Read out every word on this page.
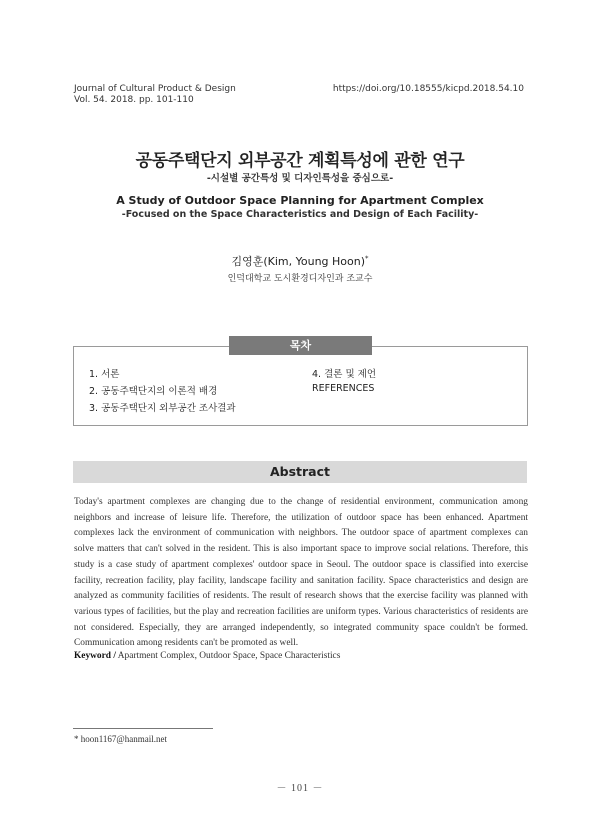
Journal of Cultural Product & Design
Vol. 54. 2018. pp. 101-110
https://doi.org/10.18555/kicpd.2018.54.10
공동주택단지 외부공간 계획특성에 관한 연구
-시설별 공간특성 및 디자인특성을 중심으로-
A Study of Outdoor Space Planning for Apartment Complex
-Focused on the Space Characteristics and Design of Each Facility-
김영훈(Kim, Young Hoon)*
인덕대학교 도시환경디자인과 조교수
목차
1. 서론
2. 공동주택단지의 이론적 배경
3. 공동주택단지 외부공간 조사결과
4. 결론 및 제언
REFERENCES
Abstract
Today's apartment complexes are changing due to the change of residential environment, communication among neighbors and increase of leisure life. Therefore, the utilization of outdoor space has been enhanced. Apartment complexes lack the environment of communication with neighbors. The outdoor space of apartment complexes can solve matters that can't solved in the resident. This is also important space to improve social relations. Therefore, this study is a case study of apartment complexes' outdoor space in Seoul. The outdoor space is classified into exercise facility, recreation facility, play facility, landscape facility and sanitation facility. Space characteristics and design are analyzed as community facilities of residents. The result of research shows that the exercise facility was planned with various types of facilities, but the play and recreation facilities are uniform types. Various characteristics of residents are not considered. Especially, they are arranged independently, so integrated community space couldn't be formed. Communication among residents can't be promoted as well.
Keyword / Apartment Complex, Outdoor Space, Space Characteristics
* hoon1167@hanmail.net
－ 101 －
